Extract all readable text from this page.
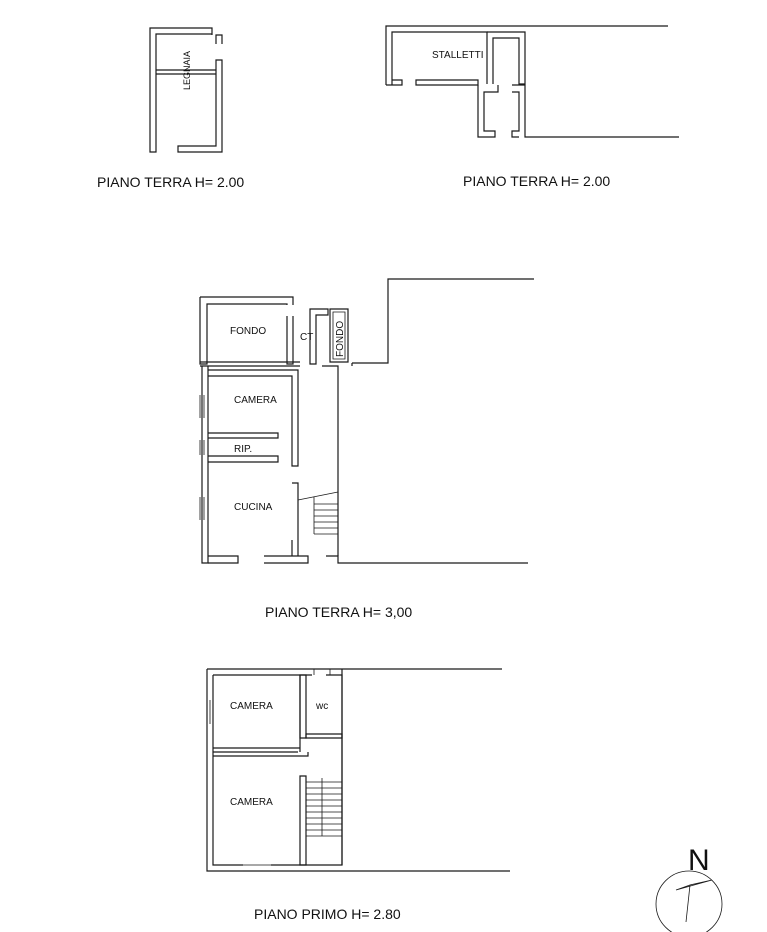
LEGNAIA
PIANO TERRA H= 2.00
STALLETTI
PIANO TERRA H= 2.00
FONDO
CT FONDO
CAMERA
RIP.
CUCINA
PIANO TERRA H= 3,00
CAMERA	wc
CAMERA
PIANO PRIMO H= 2.80
N
